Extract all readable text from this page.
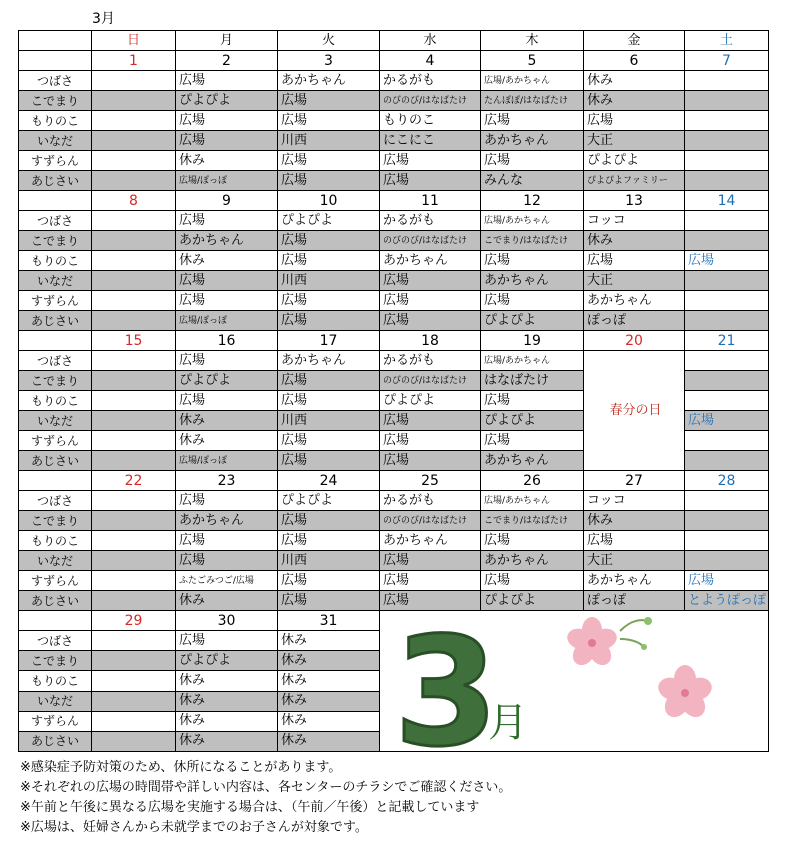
3月
	日	月	火	水	木	金	土
	1	2	3	4	5	6	7
つばさ		広場	あかちゃん	かるがも	広場/あかちゃん	休み	
こでまり		ぴよぴよ	広場	のびのび/はなばたけ	たんぽぽ/はなばたけ	休み	
もりのこ		広場	広場	もりのこ	広場	広場	
いなだ		広場	川西	にこにこ	あかちゃん	大正	
すずらん		休み	広場	広場	広場	ぴよぴよ	
あじさい		広場/ぽっぽ	広場	広場	みんな	ぴよぴよファミリー	
	8	9	10	11	12	13	14
つばさ		広場	ぴよぴよ	かるがも	広場/あかちゃん	コッコ	
こでまり		あかちゃん	広場	のびのび/はなばたけ	こでまり/はなばたけ	休み	
もりのこ		休み	広場	あかちゃん	広場	広場	広場
いなだ		広場	川西	広場	あかちゃん	大正	
すずらん		広場	広場	広場	広場	あかちゃん	
あじさい		広場/ぽっぽ	広場	広場	ぴよぴよ	ぽっぽ	
	15	16	17	18	19	20	21
つばさ		広場	あかちゃん	かるがも	広場/あかちゃん	春分の日	
こでまり		ぴよぴよ	広場	のびのび/はなばたけ	はなばたけ		
もりのこ		広場	広場	ぴよぴよ	広場		
いなだ		休み	川西	広場	ぴよぴよ		広場
すずらん		休み	広場	広場	広場		
あじさい		広場/ぽっぽ	広場	広場	あかちゃん		
	22	23	24	25	26	27	28
つばさ		広場	ぴよぴよ	かるがも	広場/あかちゃん	コッコ	
こでまり		あかちゃん	広場	のびのび/はなばたけ	こでまり/はなばたけ	休み	
もりのこ		広場	広場	あかちゃん	広場	広場	
いなだ		広場	川西	広場	あかちゃん	大正	
すずらん		ふたごみつご/広場	広場	広場	広場	あかちゃん	広場
あじさい		休み	広場	広場	ぴよぴよ	ぽっぽ	とようぽっぽ
	29	30	31	3
月			

つばさ		広場	休み				
こでまり		ぴよぴよ	休み				
もりのこ		休み	休み				
いなだ		休み	休み				
すずらん		休み	休み				
あじさい		休み	休み				
※感染症予防対策のため、休所になることがあります。
※それぞれの広場の時間帯や詳しい内容は、各センターのチラシでご確認ください。
※午前と午後に異なる広場を実施する場合は、（午前／午後）と記載しています
※広場は、妊婦さんから未就学までのお子さんが対象です。
